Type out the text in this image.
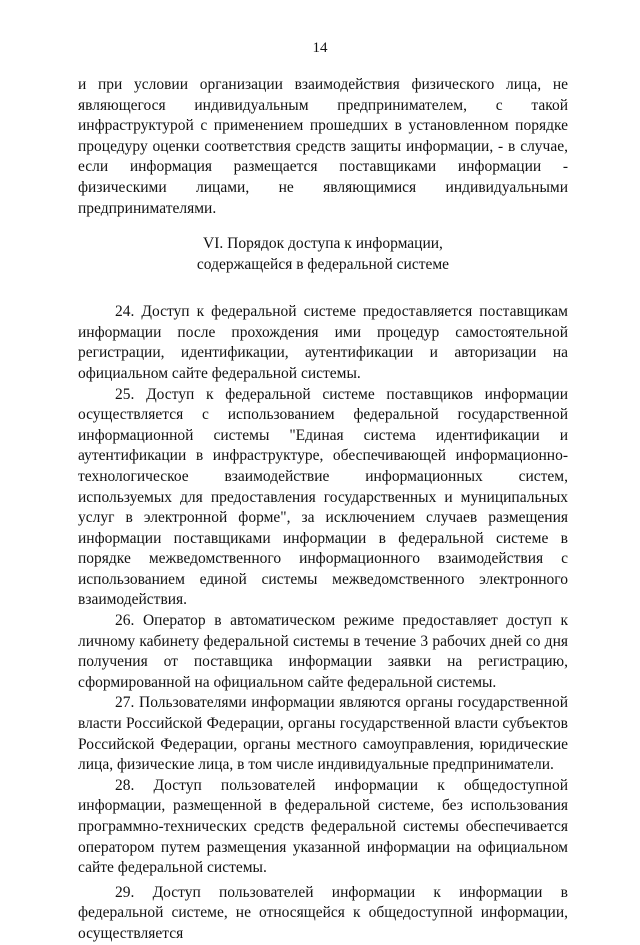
14

и при условии организации взаимодействия физического лица, не являющегося индивидуальным предпринимателем, с такой инфраструктурой с применением прошедших в установленном порядке процедуру оценки соответствия средств защиты информации, - в случае, если информация размещается поставщиками информации - физическими лицами, не являющимися индивидуальными предпринимателями.

VI. Порядок доступа к информации,
содержащейся в федеральной системе

24. Доступ к федеральной системе предоставляется поставщикам информации после прохождения ими процедур самостоятельной регистрации, идентификации, аутентификации и авторизации на официальном сайте федеральной системы.

25. Доступ к федеральной системе поставщиков информации осуществляется с использованием федеральной государственной информационной системы "Единая система идентификации и аутентификации в инфраструктуре, обеспечивающей информационно-технологическое взаимодействие информационных систем, используемых для предоставления государственных и муниципальных услуг в электронной форме", за исключением случаев размещения информации поставщиками информации в федеральной системе в порядке межведомственного информационного взаимодействия с использованием единой системы межведомственного электронного взаимодействия.

26. Оператор в автоматическом режиме предоставляет доступ к личному кабинету федеральной системы в течение 3 рабочих дней со дня получения от поставщика информации заявки на регистрацию, сформированной на официальном сайте федеральной системы.

27. Пользователями информации являются органы государственной власти Российской Федерации, органы государственной власти субъектов Российской Федерации, органы местного самоуправления, юридические лица, физические лица, в том числе индивидуальные предприниматели.

28. Доступ пользователей информации к общедоступной информации, размещенной в федеральной системе, без использования программно-технических средств федеральной системы обеспечивается оператором путем размещения указанной информации на официальном сайте федеральной системы.

29. Доступ пользователей информации к информации в федеральной системе, не относящейся к общедоступной информации, осуществляется
